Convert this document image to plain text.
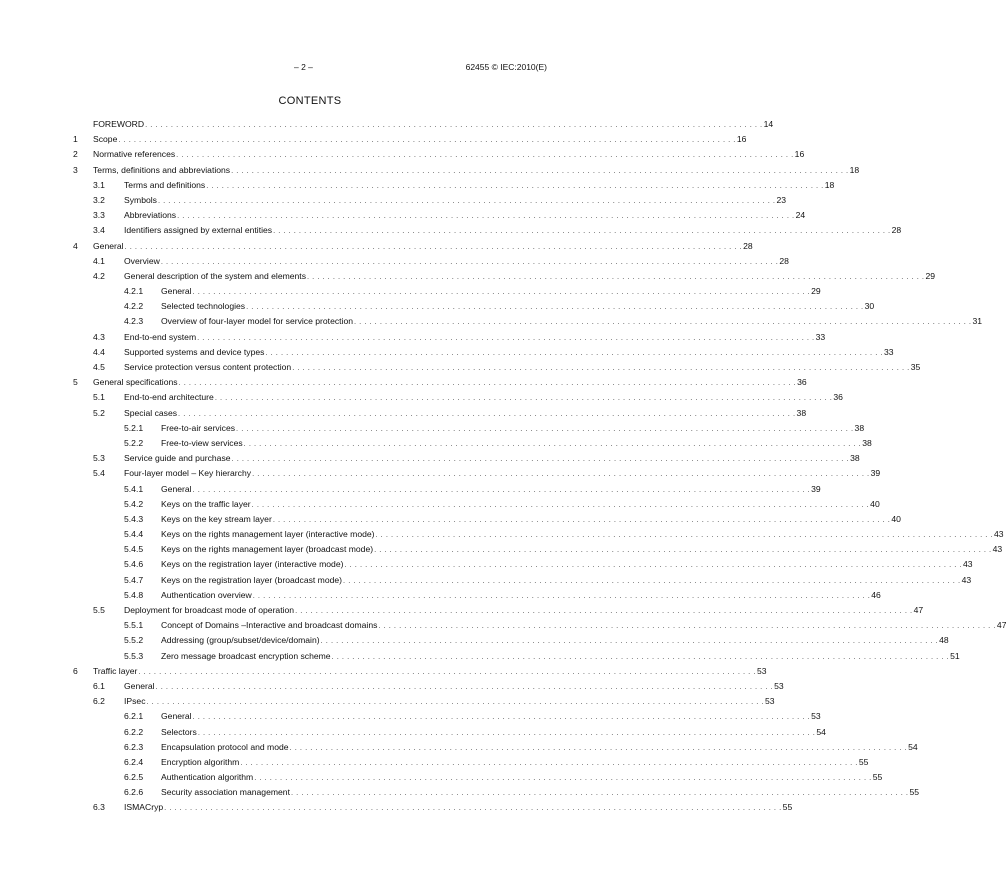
– 2 –	62455 © IEC:2010(E)
CONTENTS
FOREWORD . . . . . . . . . . . . . . . . . . . . . . . . . . . . . . . . . . . . . . . . . . . . . . . . . . . . . . . . . . . . . . . . . . . . . . . . . . . . . . . . . . . . . . . . . . . . . . . . . . . . . . . . . . . . . . . . . . . . . . . . 14
1	Scope . . . . . . . . . . . . . . . . . . . . . . . . . . . . . . . . . . . . . . . . . . . . . . . . . . . . . . . . . . . . . . . . . . . . . . . . . . . . . . . . . . . . . . . . . . . . . . . . . . . . . . . . . . . . . . . . . . . . . . . . 16
2	Normative references . . . . . . . . . . . . . . . . . . . . . . . . . . . . . . . . . . . . . . . . . . . . . . . . . . . . . . . . . . . . . . . . . . . . . . . . . . . . . . . . . . . . . . . . . . . . . . . . . . . . . . . . . . . . . . . . . . . . . . . . 16
3	Terms, definitions and abbreviations . . . . . . . . . . . . . . . . . . . . . . . . . . . . . . . . . . . . . . . . . . . . . . . . . . . . . . . . . . . . . . . . . . . . . . . . . . . . . . . . . . . . . . . . . . . . . . . . . . . . . . . . . . . . . . . . . . . . . . . . 18
3.1	Terms and definitions . . . . . . . . . . . . . . . . . . . . . . . . . . . . . . . . . . . . . . . . . . . . . . . . . . . . . . . . . . . . . . . . . . . . . . . . . . . . . . . . . . . . . . . . . . . . . . . . . . . . . . . . . . . . . . . . . . . . . . . . 18
3.2	Symbols . . . . . . . . . . . . . . . . . . . . . . . . . . . . . . . . . . . . . . . . . . . . . . . . . . . . . . . . . . . . . . . . . . . . . . . . . . . . . . . . . . . . . . . . . . . . . . . . . . . . . . . . . . . . . . . . . . . . . . . . 23
3.3	Abbreviations . . . . . . . . . . . . . . . . . . . . . . . . . . . . . . . . . . . . . . . . . . . . . . . . . . . . . . . . . . . . . . . . . . . . . . . . . . . . . . . . . . . . . . . . . . . . . . . . . . . . . . . . . . . . . . . . . . . . . . . . 24
3.4	Identifiers assigned by external entities . . . . . . . . . . . . . . . . . . . . . . . . . . . . . . . . . . . . . . . . . . . . . . . . . . . . . . . . . . . . . . . . . . . . . . . . . . . . . . . . . . . . . . . . . . . . . . . . . . . . . . . . . . . . . . . . . . . . . . . . 28
4	General . . . . . . . . . . . . . . . . . . . . . . . . . . . . . . . . . . . . . . . . . . . . . . . . . . . . . . . . . . . . . . . . . . . . . . . . . . . . . . . . . . . . . . . . . . . . . . . . . . . . . . . . . . . . . . . . . . . . . . . . 28
4.1	Overview . . . . . . . . . . . . . . . . . . . . . . . . . . . . . . . . . . . . . . . . . . . . . . . . . . . . . . . . . . . . . . . . . . . . . . . . . . . . . . . . . . . . . . . . . . . . . . . . . . . . . . . . . . . . . . . . . . . . . . . . 28
4.2	General description of the system and elements . . . . . . . . . . . . . . . . . . . . . . . . . . . . . . . . . . . . . . . . . . . . . . . . . . . . . . . . . . . . . . . . . . . . . . . . . . . . . . . . . . . . . . . . . . . . . . . . . . . . . . . . . . . . . . . . . . . . . . . . 29
4.2.1	General . . . . . . . . . . . . . . . . . . . . . . . . . . . . . . . . . . . . . . . . . . . . . . . . . . . . . . . . . . . . . . . . . . . . . . . . . . . . . . . . . . . . . . . . . . . . . . . . . . . . . . . . . . . . . . . . . . . . . . . . 29
4.2.2	Selected technologies . . . . . . . . . . . . . . . . . . . . . . . . . . . . . . . . . . . . . . . . . . . . . . . . . . . . . . . . . . . . . . . . . . . . . . . . . . . . . . . . . . . . . . . . . . . . . . . . . . . . . . . . . . . . . . . . . . . . . . . . 30
4.2.3	Overview of four-layer model for service protection . . . . . . . . . . . . . . . . . . . . . . . . . . . . . . . . . . . . . . . . . . . . . . . . . . . . . . . . . . . . . . . . . . . . . . . . . . . . . . . . . . . . . . . . . . . . . . . . . . . . . . . . . . . . . . . . . . . . . . . . 31
4.3	End-to-end system . . . . . . . . . . . . . . . . . . . . . . . . . . . . . . . . . . . . . . . . . . . . . . . . . . . . . . . . . . . . . . . . . . . . . . . . . . . . . . . . . . . . . . . . . . . . . . . . . . . . . . . . . . . . . . . . . . . . . . . . 33
4.4	Supported systems and device types . . . . . . . . . . . . . . . . . . . . . . . . . . . . . . . . . . . . . . . . . . . . . . . . . . . . . . . . . . . . . . . . . . . . . . . . . . . . . . . . . . . . . . . . . . . . . . . . . . . . . . . . . . . . . . . . . . . . . . . . 33
4.5	Service protection versus content protection . . . . . . . . . . . . . . . . . . . . . . . . . . . . . . . . . . . . . . . . . . . . . . . . . . . . . . . . . . . . . . . . . . . . . . . . . . . . . . . . . . . . . . . . . . . . . . . . . . . . . . . . . . . . . . . . . . . . . . . . 35
5	General specifications . . . . . . . . . . . . . . . . . . . . . . . . . . . . . . . . . . . . . . . . . . . . . . . . . . . . . . . . . . . . . . . . . . . . . . . . . . . . . . . . . . . . . . . . . . . . . . . . . . . . . . . . . . . . . . . . . . . . . . . . 36
5.1	End-to-end architecture . . . . . . . . . . . . . . . . . . . . . . . . . . . . . . . . . . . . . . . . . . . . . . . . . . . . . . . . . . . . . . . . . . . . . . . . . . . . . . . . . . . . . . . . . . . . . . . . . . . . . . . . . . . . . . . . . . . . . . . . 36
5.2	Special cases . . . . . . . . . . . . . . . . . . . . . . . . . . . . . . . . . . . . . . . . . . . . . . . . . . . . . . . . . . . . . . . . . . . . . . . . . . . . . . . . . . . . . . . . . . . . . . . . . . . . . . . . . . . . . . . . . . . . . . . . 38
5.2.1	Free-to-air services . . . . . . . . . . . . . . . . . . . . . . . . . . . . . . . . . . . . . . . . . . . . . . . . . . . . . . . . . . . . . . . . . . . . . . . . . . . . . . . . . . . . . . . . . . . . . . . . . . . . . . . . . . . . . . . . . . . . . . . . 38
5.2.2	Free-to-view services . . . . . . . . . . . . . . . . . . . . . . . . . . . . . . . . . . . . . . . . . . . . . . . . . . . . . . . . . . . . . . . . . . . . . . . . . . . . . . . . . . . . . . . . . . . . . . . . . . . . . . . . . . . . . . . . . . . . . . . . 38
5.3	Service guide and purchase . . . . . . . . . . . . . . . . . . . . . . . . . . . . . . . . . . . . . . . . . . . . . . . . . . . . . . . . . . . . . . . . . . . . . . . . . . . . . . . . . . . . . . . . . . . . . . . . . . . . . . . . . . . . . . . . . . . . . . . . 38
5.4	Four-layer model – Key hierarchy . . . . . . . . . . . . . . . . . . . . . . . . . . . . . . . . . . . . . . . . . . . . . . . . . . . . . . . . . . . . . . . . . . . . . . . . . . . . . . . . . . . . . . . . . . . . . . . . . . . . . . . . . . . . . . . . . . . . . . . . 39
5.4.1	General . . . . . . . . . . . . . . . . . . . . . . . . . . . . . . . . . . . . . . . . . . . . . . . . . . . . . . . . . . . . . . . . . . . . . . . . . . . . . . . . . . . . . . . . . . . . . . . . . . . . . . . . . . . . . . . . . . . . . . . . 39
5.4.2	Keys on the traffic layer . . . . . . . . . . . . . . . . . . . . . . . . . . . . . . . . . . . . . . . . . . . . . . . . . . . . . . . . . . . . . . . . . . . . . . . . . . . . . . . . . . . . . . . . . . . . . . . . . . . . . . . . . . . . . . . . . . . . . . . . 40
5.4.3	Keys on the key stream layer . . . . . . . . . . . . . . . . . . . . . . . . . . . . . . . . . . . . . . . . . . . . . . . . . . . . . . . . . . . . . . . . . . . . . . . . . . . . . . . . . . . . . . . . . . . . . . . . . . . . . . . . . . . . . . . . . . . . . . . . 40
5.4.4	Keys on the rights management layer (interactive mode) . . . . . . . . . . . . . . . . . . . . . . . . . . . . . . . . . . . . . . . . . . . . . . . . . . . . . . . . . . . . . . . . . . . . . . . . . . . . . . . . . . . . . . . . . . . . . . . . . . . . . . . . . . . . . . . . . . . . . . . . 43
5.4.5	Keys on the rights management layer (broadcast mode) . . . . . . . . . . . . . . . . . . . . . . . . . . . . . . . . . . . . . . . . . . . . . . . . . . . . . . . . . . . . . . . . . . . . . . . . . . . . . . . . . . . . . . . . . . . . . . . . . . . . . . . . . . . . . . . . . . . . . . . . 43
5.4.6	Keys on the registration layer (interactive mode) . . . . . . . . . . . . . . . . . . . . . . . . . . . . . . . . . . . . . . . . . . . . . . . . . . . . . . . . . . . . . . . . . . . . . . . . . . . . . . . . . . . . . . . . . . . . . . . . . . . . . . . . . . . . . . . . . . . . . . . . 43
5.4.7	Keys on the registration layer (broadcast mode) . . . . . . . . . . . . . . . . . . . . . . . . . . . . . . . . . . . . . . . . . . . . . . . . . . . . . . . . . . . . . . . . . . . . . . . . . . . . . . . . . . . . . . . . . . . . . . . . . . . . . . . . . . . . . . . . . . . . . . . . 43
5.4.8	Authentication overview . . . . . . . . . . . . . . . . . . . . . . . . . . . . . . . . . . . . . . . . . . . . . . . . . . . . . . . . . . . . . . . . . . . . . . . . . . . . . . . . . . . . . . . . . . . . . . . . . . . . . . . . . . . . . . . . . . . . . . . . 46
5.5	Deployment for broadcast mode of operation . . . . . . . . . . . . . . . . . . . . . . . . . . . . . . . . . . . . . . . . . . . . . . . . . . . . . . . . . . . . . . . . . . . . . . . . . . . . . . . . . . . . . . . . . . . . . . . . . . . . . . . . . . . . . . . . . . . . . . . . 47
5.5.1	Concept of Domains –Interactive and broadcast domains . . . . . . . . . . . . . . . . . . . . . . . . . . . . . . . . . . . . . . . . . . . . . . . . . . . . . . . . . . . . . . . . . . . . . . . . . . . . . . . . . . . . . . . . . . . . . . . . . . . . . . . . . . . . . . . . . . . . . . . . 47
5.5.2	Addressing (group/subset/device/domain) . . . . . . . . . . . . . . . . . . . . . . . . . . . . . . . . . . . . . . . . . . . . . . . . . . . . . . . . . . . . . . . . . . . . . . . . . . . . . . . . . . . . . . . . . . . . . . . . . . . . . . . . . . . . . . . . . . . . . . . . 48
5.5.3	Zero message broadcast encryption scheme . . . . . . . . . . . . . . . . . . . . . . . . . . . . . . . . . . . . . . . . . . . . . . . . . . . . . . . . . . . . . . . . . . . . . . . . . . . . . . . . . . . . . . . . . . . . . . . . . . . . . . . . . . . . . . . . . . . . . . . . 51
6	Traffic layer . . . . . . . . . . . . . . . . . . . . . . . . . . . . . . . . . . . . . . . . . . . . . . . . . . . . . . . . . . . . . . . . . . . . . . . . . . . . . . . . . . . . . . . . . . . . . . . . . . . . . . . . . . . . . . . . . . . . . . . . 53
6.1	General . . . . . . . . . . . . . . . . . . . . . . . . . . . . . . . . . . . . . . . . . . . . . . . . . . . . . . . . . . . . . . . . . . . . . . . . . . . . . . . . . . . . . . . . . . . . . . . . . . . . . . . . . . . . . . . . . . . . . . . . 53
6.2	IPsec . . . . . . . . . . . . . . . . . . . . . . . . . . . . . . . . . . . . . . . . . . . . . . . . . . . . . . . . . . . . . . . . . . . . . . . . . . . . . . . . . . . . . . . . . . . . . . . . . . . . . . . . . . . . . . . . . . . . . . . . 53
6.2.1	General . . . . . . . . . . . . . . . . . . . . . . . . . . . . . . . . . . . . . . . . . . . . . . . . . . . . . . . . . . . . . . . . . . . . . . . . . . . . . . . . . . . . . . . . . . . . . . . . . . . . . . . . . . . . . . . . . . . . . . . . 53
6.2.2	Selectors . . . . . . . . . . . . . . . . . . . . . . . . . . . . . . . . . . . . . . . . . . . . . . . . . . . . . . . . . . . . . . . . . . . . . . . . . . . . . . . . . . . . . . . . . . . . . . . . . . . . . . . . . . . . . . . . . . . . . . . . 54
6.2.3	Encapsulation protocol and mode . . . . . . . . . . . . . . . . . . . . . . . . . . . . . . . . . . . . . . . . . . . . . . . . . . . . . . . . . . . . . . . . . . . . . . . . . . . . . . . . . . . . . . . . . . . . . . . . . . . . . . . . . . . . . . . . . . . . . . . . 54
6.2.4	Encryption algorithm . . . . . . . . . . . . . . . . . . . . . . . . . . . . . . . . . . . . . . . . . . . . . . . . . . . . . . . . . . . . . . . . . . . . . . . . . . . . . . . . . . . . . . . . . . . . . . . . . . . . . . . . . . . . . . . . . . . . . . . . 55
6.2.5	Authentication algorithm . . . . . . . . . . . . . . . . . . . . . . . . . . . . . . . . . . . . . . . . . . . . . . . . . . . . . . . . . . . . . . . . . . . . . . . . . . . . . . . . . . . . . . . . . . . . . . . . . . . . . . . . . . . . . . . . . . . . . . . . 55
6.2.6	Security association management . . . . . . . . . . . . . . . . . . . . . . . . . . . . . . . . . . . . . . . . . . . . . . . . . . . . . . . . . . . . . . . . . . . . . . . . . . . . . . . . . . . . . . . . . . . . . . . . . . . . . . . . . . . . . . . . . . . . . . . . 55
6.3	ISMACryp . . . . . . . . . . . . . . . . . . . . . . . . . . . . . . . . . . . . . . . . . . . . . . . . . . . . . . . . . . . . . . . . . . . . . . . . . . . . . . . . . . . . . . . . . . . . . . . . . . . . . . . . . . . . . . . . . . . . . . . . 55
